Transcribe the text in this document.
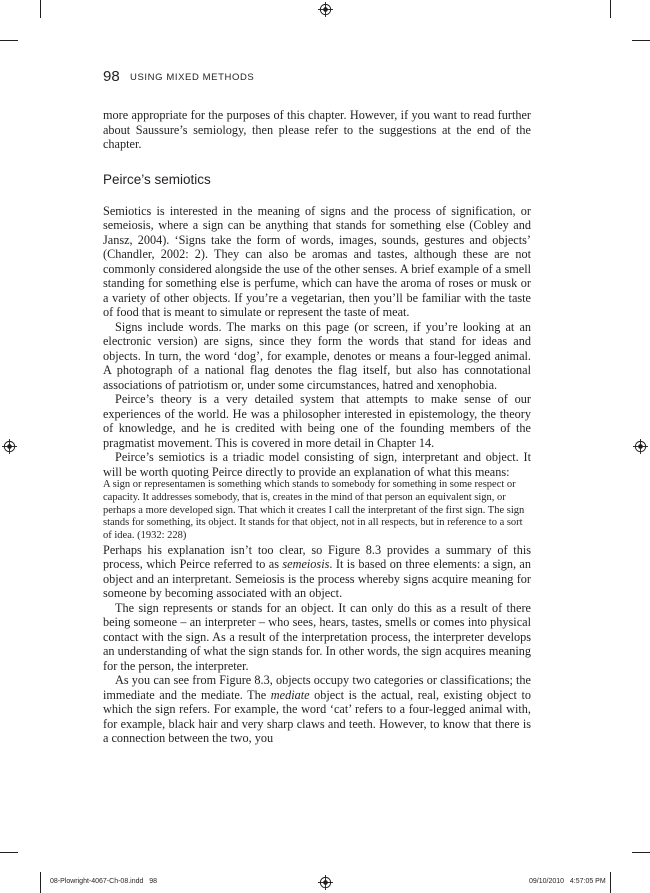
98 USING MIXED METHODS

more appropriate for the purposes of this chapter. However, if you want to read further about Saussure’s semiology, then please refer to the suggestions at the end of the chapter.

Peirce’s semiotics

Semiotics is interested in the meaning of signs and the process of signification, or semeiosis, where a sign can be anything that stands for something else (Cobley and Jansz, 2004). ‘Signs take the form of words, images, sounds, gestures and objects’ (Chandler, 2002: 2). They can also be aromas and tastes, although these are not commonly considered alongside the use of the other senses. A brief example of a smell standing for something else is perfume, which can have the aroma of roses or musk or a variety of other objects. If you’re a vegetarian, then you’ll be familiar with the taste of food that is meant to simulate or represent the taste of meat.

Signs include words. The marks on this page (or screen, if you’re looking at an electronic version) are signs, since they form the words that stand for ideas and objects. In turn, the word ‘dog’, for example, denotes or means a four-legged animal. A photograph of a national flag denotes the flag itself, but also has connotational associations of patriotism or, under some circumstances, hatred and xenophobia.

Peirce’s theory is a very detailed system that attempts to make sense of our experiences of the world. He was a philosopher interested in epistemology, the theory of knowledge, and he is credited with being one of the founding members of the pragmatist movement. This is covered in more detail in Chapter 14.

Peirce’s semiotics is a triadic model consisting of sign, interpretant and object. It will be worth quoting Peirce directly to provide an explanation of what this means:

A sign or representamen is something which stands to somebody for something in some respect or capacity. It addresses somebody, that is, creates in the mind of that person an equivalent sign, or perhaps a more developed sign. That which it creates I call the interpretant of the first sign. The sign stands for something, its object. It stands for that object, not in all respects, but in reference to a sort of idea. (1932: 228)

Perhaps his explanation isn’t too clear, so Figure 8.3 provides a summary of this process, which Peirce referred to as semeiosis. It is based on three elements: a sign, an object and an interpretant. Semeiosis is the process whereby signs acquire meaning for someone by becoming associated with an object.

The sign represents or stands for an object. It can only do this as a result of there being someone – an interpreter – who sees, hears, tastes, smells or comes into physical contact with the sign. As a result of the interpretation process, the interpreter develops an understanding of what the sign stands for. In other words, the sign acquires meaning for the person, the interpreter.

As you can see from Figure 8.3, objects occupy two categories or classifications; the immediate and the mediate. The mediate object is the actual, real, existing object to which the sign refers. For example, the word ‘cat’ refers to a four-legged animal with, for example, black hair and very sharp claws and teeth. However, to know that there is a connection between the two, you

08-Plowright-4067-Ch-08.indd   98	09/10/2010   4:57:05 PM
